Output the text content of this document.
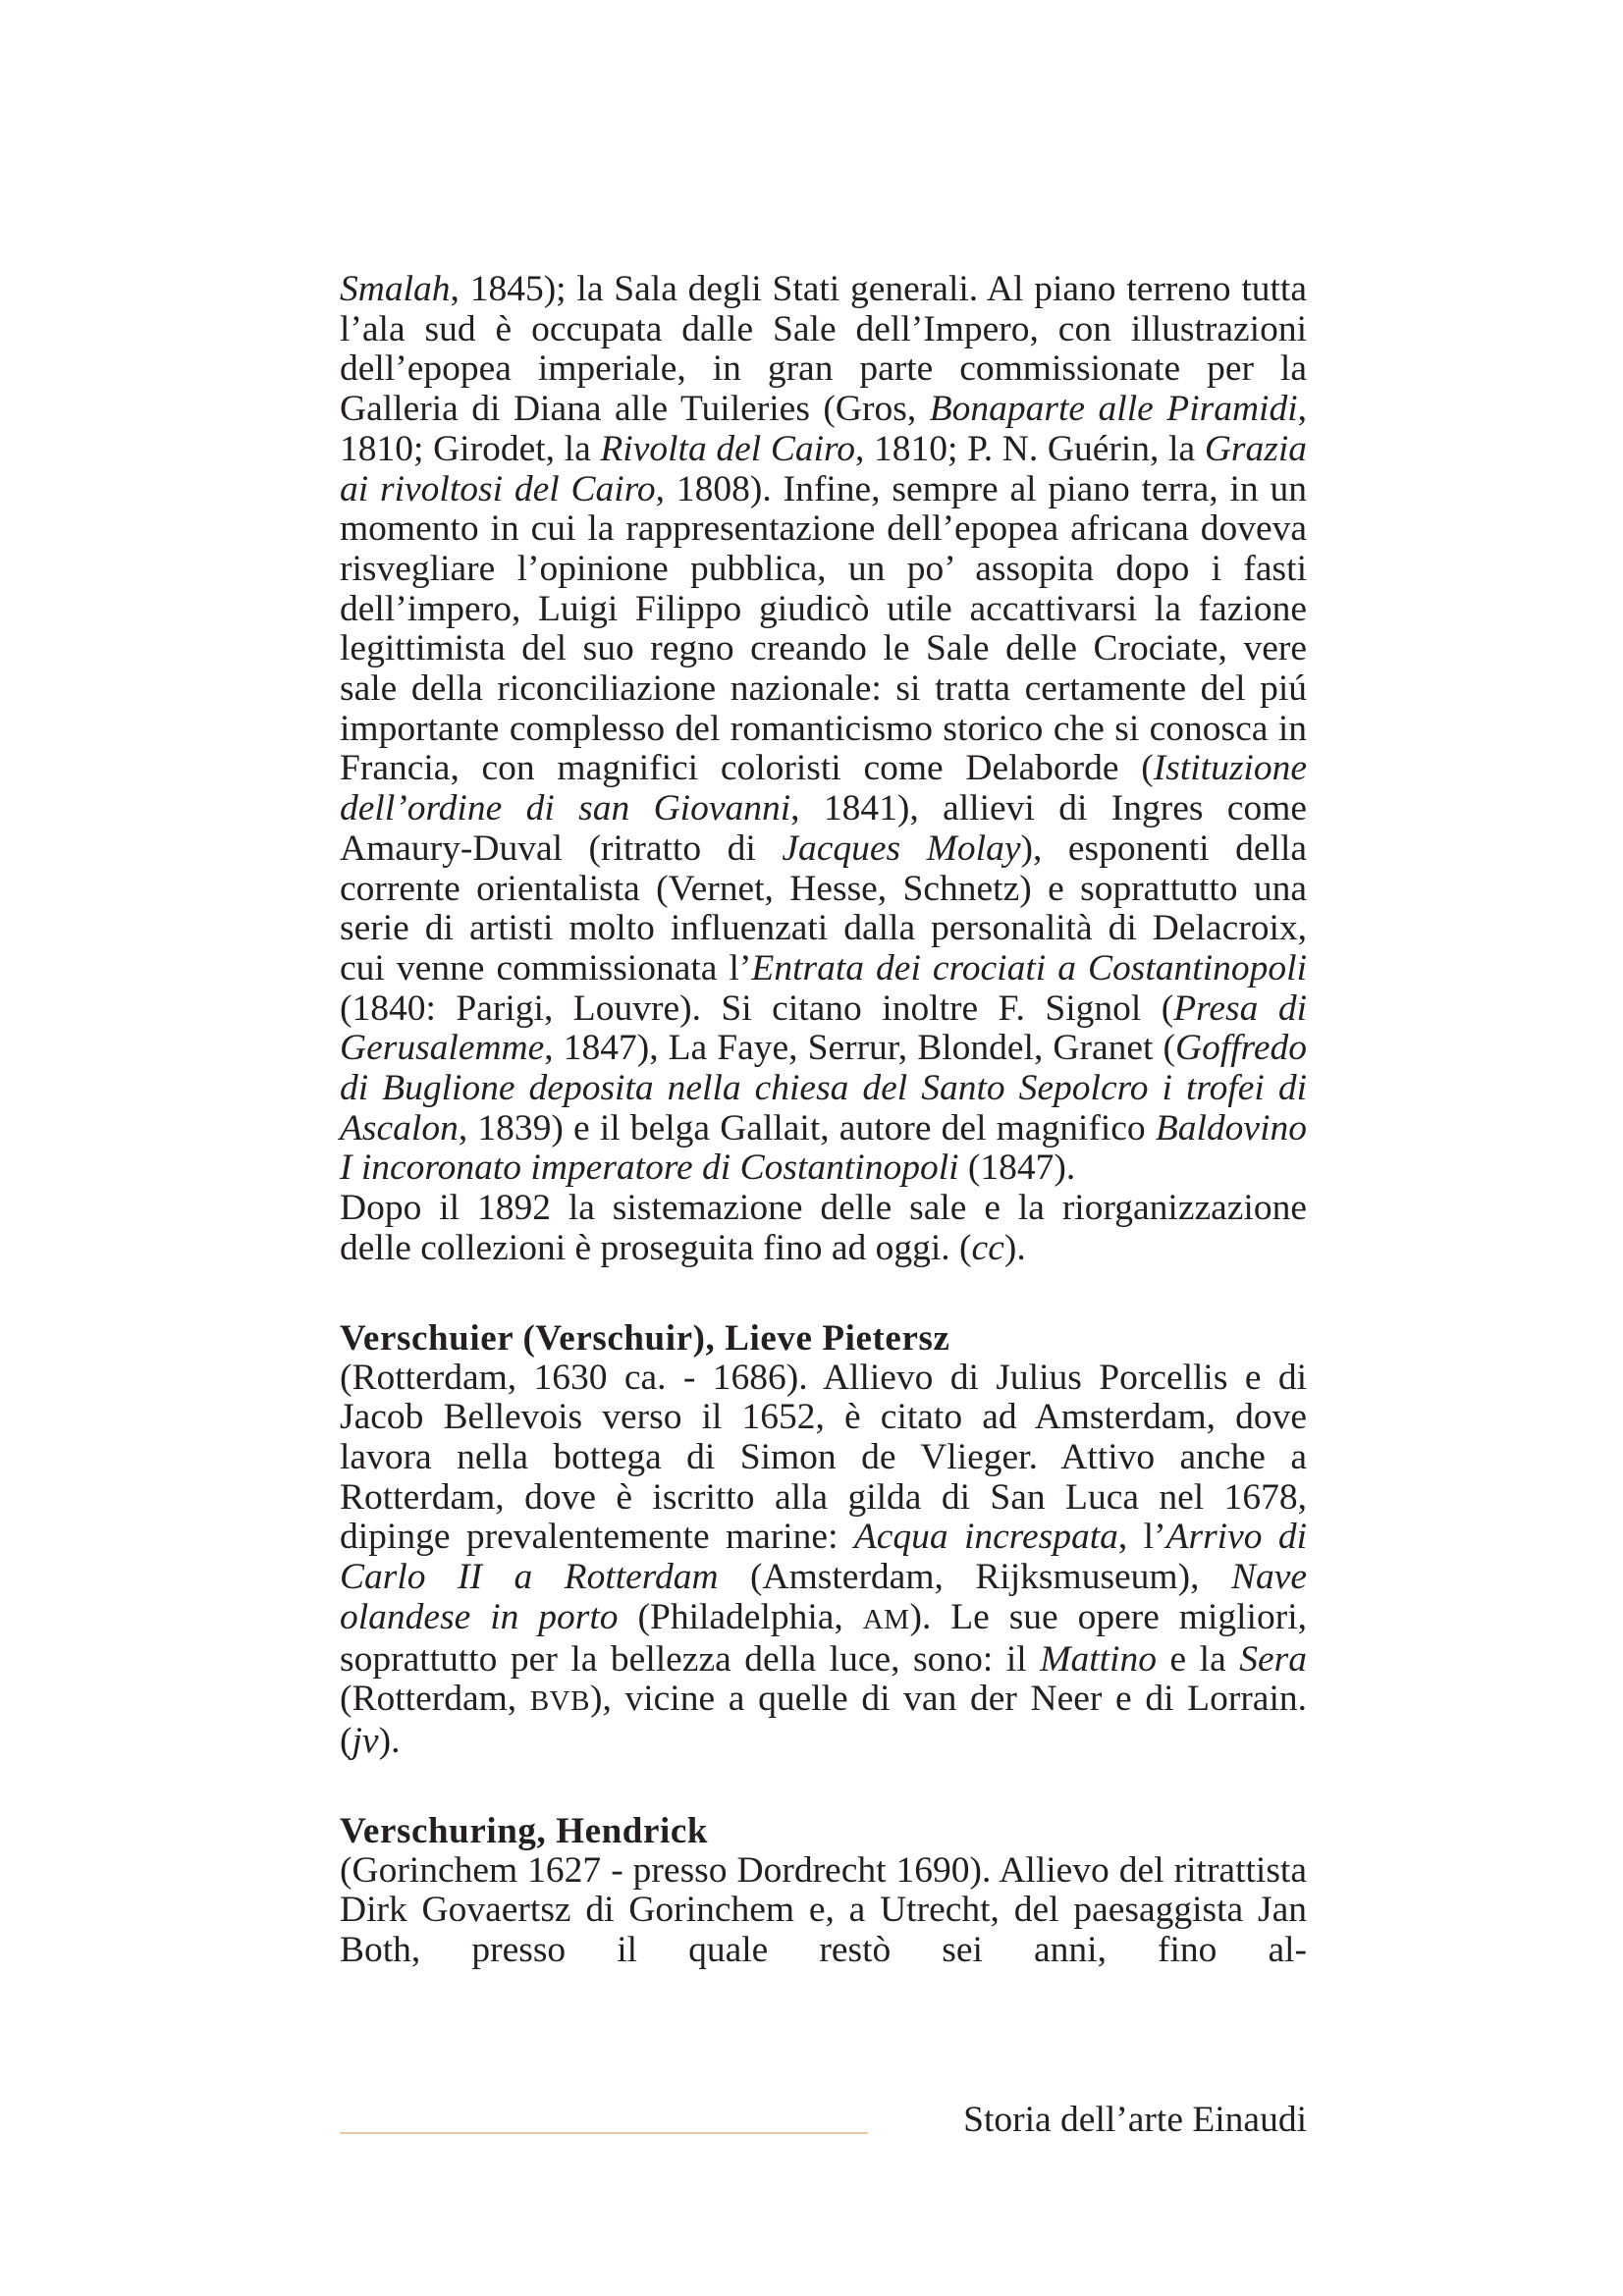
Smalah, 1845); la Sala degli Stati generali. Al piano terreno tutta l’ala sud è occupata dalle Sale dell’Impero, con illustrazioni dell’epopea imperiale, in gran parte commissionate per la Galleria di Diana alle Tuileries (Gros, Bonaparte alle Piramidi, 1810; Girodet, la Rivolta del Cairo, 1810; P. N. Guérin, la Grazia ai rivoltosi del Cairo, 1808). Infine, sempre al piano terra, in un momento in cui la rappresentazione dell’epopea africana doveva risvegliare l’opinione pubblica, un po’ assopita dopo i fasti dell’impero, Luigi Filippo giudicò utile accattivarsi la fazione legittimista del suo regno creando le Sale delle Crociate, vere sale della riconciliazione nazionale: si tratta certamente del piú importante complesso del romanticismo storico che si conosca in Francia, con magnifici coloristi come Delaborde (Istituzione dell’ordine di san Giovanni, 1841), allievi di Ingres come Amaury-Duval (ritratto di Jacques Molay), esponenti della corrente orientalista (Vernet, Hesse, Schnetz) e soprattutto una serie di artisti molto influenzati dalla personalità di Delacroix, cui venne commissionata l’Entrata dei crociati a Costantinopoli (1840: Parigi, Louvre). Si citano inoltre F. Signol (Presa di Gerusalemme, 1847), La Faye, Serrur, Blondel, Granet (Goffredo di Buglione deposita nella chiesa del Santo Sepolcro i trofei di Ascalon, 1839) e il belga Gallait, autore del magnifico Baldovino I incoronato imperatore di Costantinopoli (1847).

Dopo il 1892 la sistemazione delle sale e la riorganizzazione delle collezioni è proseguita fino ad oggi. (cc).

Verschuier (Verschuir), Lieve Pietersz

(Rotterdam, 1630 ca. - 1686). Allievo di Julius Porcellis e di Jacob Bellevois verso il 1652, è citato ad Amsterdam, dove lavora nella bottega di Simon de Vlieger. Attivo anche a Rotterdam, dove è iscritto alla gilda di San Luca nel 1678, dipinge prevalentemente marine: Acqua increspata, l’Arrivo di Carlo II a Rotterdam (Amsterdam, Rijksmuseum), Nave olandese in porto (Philadelphia, AM). Le sue opere migliori, soprattutto per la bellezza della luce, sono: il Mattino e la Sera (Rotterdam, BVB), vicine a quelle di van der Neer e di Lorrain. (jv).

Verschuring, Hendrick

(Gorinchem 1627 - presso Dordrecht 1690). Allievo del ritrattista Dirk Govaertsz di Gorinchem e, a Utrecht, del paesaggista Jan Both, presso il quale restò sei anni, fino al-

Storia dell’arte Einaudi
